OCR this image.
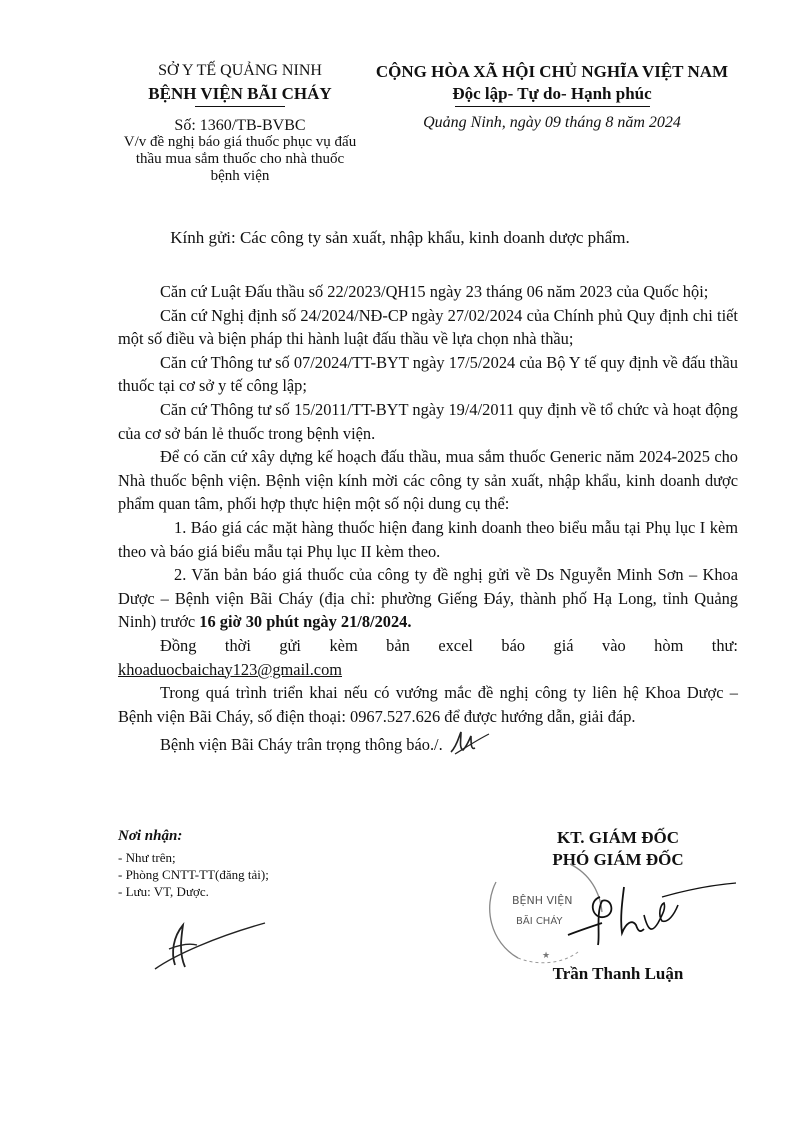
SỞ Y TẾ QUẢNG NINH
BỆNH VIỆN BÃI CHÁY
Số: 1360/TB-BVBC
V/v đề nghị báo giá thuốc phục vụ đấu thầu mua sắm thuốc cho nhà thuốc bệnh viện
CỘNG HÒA XÃ HỘI CHỦ NGHĨA VIỆT NAM
Độc lập- Tự do- Hạnh phúc
Quảng Ninh, ngày 09 tháng 8 năm 2024
Kính gửi: Các công ty sản xuất, nhập khẩu, kinh doanh dược phẩm.

Căn cứ Luật Đấu thầu số 22/2023/QH15 ngày 23 tháng 06 năm 2023 của Quốc hội;

Căn cứ Nghị định số 24/2024/NĐ-CP ngày 27/02/2024 của Chính phủ Quy định chi tiết một số điều và biện pháp thi hành luật đấu thầu về lựa chọn nhà thầu;

Căn cứ Thông tư số 07/2024/TT-BYT ngày 17/5/2024 của Bộ Y tế quy định về đấu thầu thuốc tại cơ sở y tế công lập;

Căn cứ Thông tư số 15/2011/TT-BYT ngày 19/4/2011 quy định về tổ chức và hoạt động của cơ sở bán lẻ thuốc trong bệnh viện.

Để có căn cứ xây dựng kế hoạch đấu thầu, mua sắm thuốc Generic năm 2024-2025 cho Nhà thuốc bệnh viện. Bệnh viện kính mời các công ty sản xuất, nhập khẩu, kinh doanh dược phẩm quan tâm, phối hợp thực hiện một số nội dung cụ thể:

1. Báo giá các mặt hàng thuốc hiện đang kinh doanh theo biểu mẫu tại Phụ lục I kèm theo và báo giá biểu mẫu tại Phụ lục II kèm theo.

2. Văn bản báo giá thuốc của công ty đề nghị gửi về Ds Nguyễn Minh Sơn – Khoa Dược – Bệnh viện Bãi Cháy (địa chỉ: phường Giếng Đáy, thành phố Hạ Long, tỉnh Quảng Ninh) trước 16 giờ 30 phút ngày 21/8/2024.

Đồng thời gửi kèm bản excel báo giá vào hòm thư:

khoaduocbaichay123@gmail.com

Trong quá trình triển khai nếu có vướng mắc đề nghị công ty liên hệ Khoa Dược – Bệnh viện Bãi Cháy, số điện thoại: 0967.527.626 để được hướng dẫn, giải đáp.

Bệnh viện Bãi Cháy trân trọng thông báo./.

Nơi nhận:
- Như trên;
- Phòng CNTT-TT(đăng tải);
- Lưu: VT, Dược.
KT. GIÁM ĐỐC
PHÓ GIÁM ĐỐC
BỆNH VIỆN
BÃI CHÁY
★
Trần Thanh Luận
